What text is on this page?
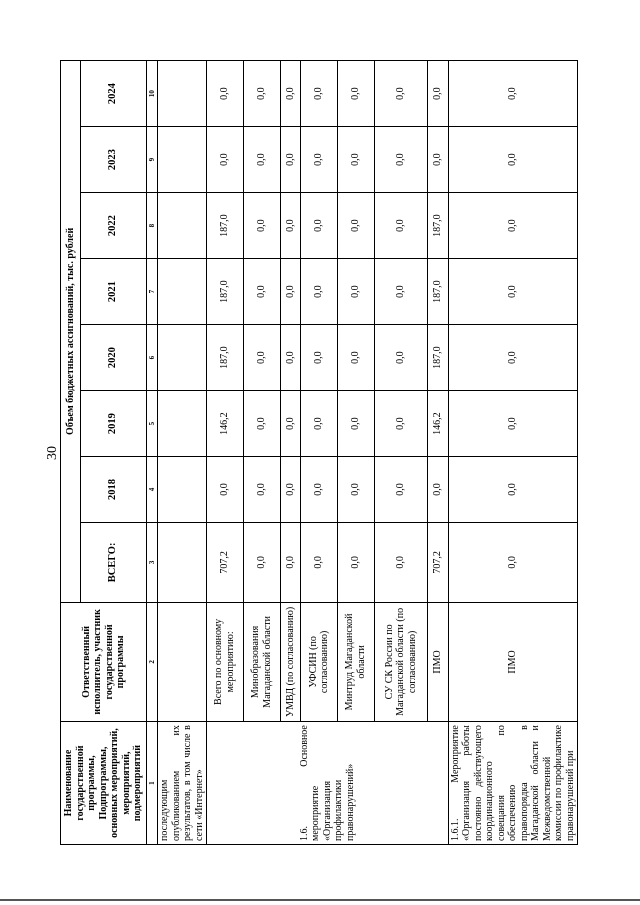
30
Наименование государственной программы, Подпрограммы, основных мероприятий, мероприятий, подмероприятий	Ответственный исполнитель, участник государственной программы	Объем бюджетных ассигнований, тыс. рублей							
		ВСЕГО:	2018	2019	2020	2021	2022	2023	2024
1	2	3	4	5	6	7	8	9	10
последующим опубликованием их результатов, в том числе в сети «Интернет»									
1.6. Основное мероприятие «Организация профилактики правонарушений»	Всего по основному мероприятию:	707,2	0,0	146,2	187,0	187,0	187,0	0,0	0,0
	Минобразования Магаданской области	0,0	0,0	0,0	0,0	0,0	0,0	0,0	0,0
	УМВД (по согласованию)	0,0	0,0	0,0	0,0	0,0	0,0	0,0	0,0
	УФСИН (по согласованию)	0,0	0,0	0,0	0,0	0,0	0,0	0,0	0,0
	Минтруд Магаданской области	0,0	0,0	0,0	0,0	0,0	0,0	0,0	0,0
	СУ СК России по Магаданской области (по согласованию)	0,0	0,0	0,0	0,0	0,0	0,0	0,0	0,0
	ПМО	707,2	0,0	146,2	187,0	187,0	187,0	0,0	0,0
1.6.1. Мероприятие «Организация работы постоянно действующего координационного совещания по обеспечению правопорядка в Магаданской области и Межведомственной комиссии по профилактике правонарушений при	ПМО	0,0	0,0	0,0	0,0	0,0	0,0	0,0	0,0
